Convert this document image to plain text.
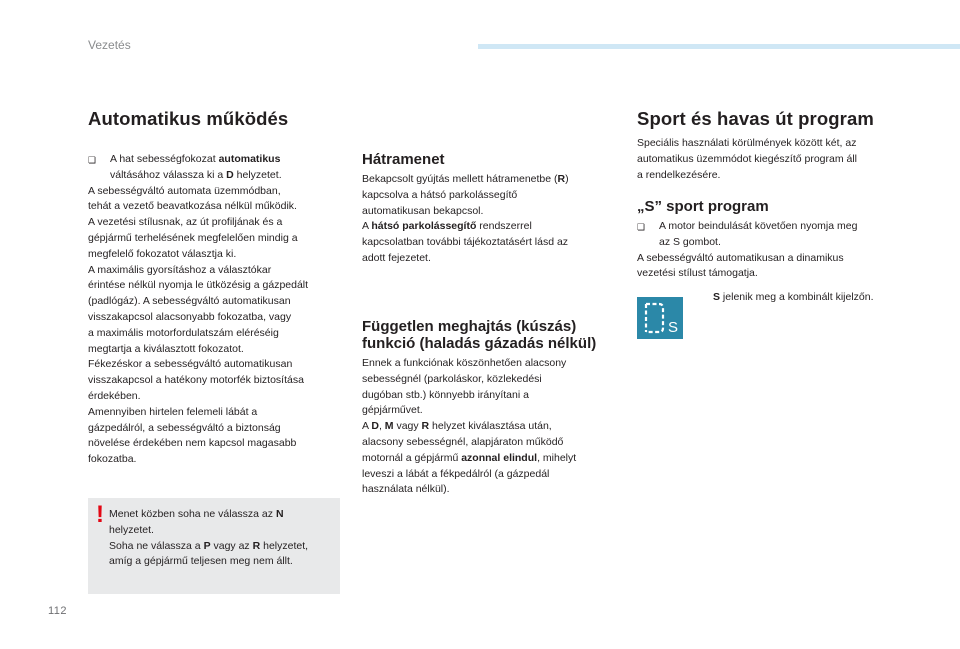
Vezetés
Automatikus működés
❏ A hat sebességfokozat automatikus
váltásához válassza ki a D helyzetet.
A sebességváltó automata üzemmódban,
tehát a vezető beavatkozása nélkül működik.
A vezetési stílusnak, az út profiljának és a
gépjármű terhelésének megfelelően mindig a
megfelelő fokozatot választja ki.
A maximális gyorsításhoz a választókar
érintése nélkül nyomja le ütközésig a gázpedált
(padlógáz). A sebességváltó automatikusan
visszakapcsol alacsonyabb fokozatba, vagy
a maximális motorfordulatszám eléréséig
megtartja a kiválasztott fokozatot.
Fékezéskor a sebességváltó automatikusan
visszakapcsol a hatékony motorfék biztosítása
érdekében.
Amennyiben hirtelen felemeli lábát a
gázpedálról, a sebességváltó a biztonság
növelése érdekében nem kapcsol magasabb
fokozatba.
! Menet közben soha ne válassza az N
helyzetet.
Soha ne válassza a P vagy az R helyzetet,
amíg a gépjármű teljesen meg nem állt.
Hátramenet
Bekapcsolt gyújtás mellett hátramenetbe (R)
kapcsolva a hátsó parkolássegítő
automatikusan bekapcsol.
A hátsó parkolássegítő rendszerrel
kapcsolatban további tájékoztatásért lásd az
adott fejezetet.
Független meghajtás (kúszás)
funkció (haladás gázadás nélkül)
Ennek a funkciónak köszönhetően alacsony
sebességnél (parkoláskor, közlekedési
dugóban stb.) könnyebb irányítani a
gépjárművet.
A D, M vagy R helyzet kiválasztása után,
alacsony sebességnél, alapjáraton működő
motornál a gépjármű azonnal elindul, mihelyt
leveszi a lábát a fékpedálról (a gázpedál
használata nélkül).
Sport és havas út program
Speciális használati körülmények között két, az
automatikus üzemmódot kiegészítő program áll
a rendelkezésére.
„S” sport program
❏ A motor beindulását követően nyomja meg
az S gombot.
A sebességváltó automatikusan a dinamikus
vezetési stílust támogatja.
S
S jelenik meg a kombinált kijelzőn.
112
